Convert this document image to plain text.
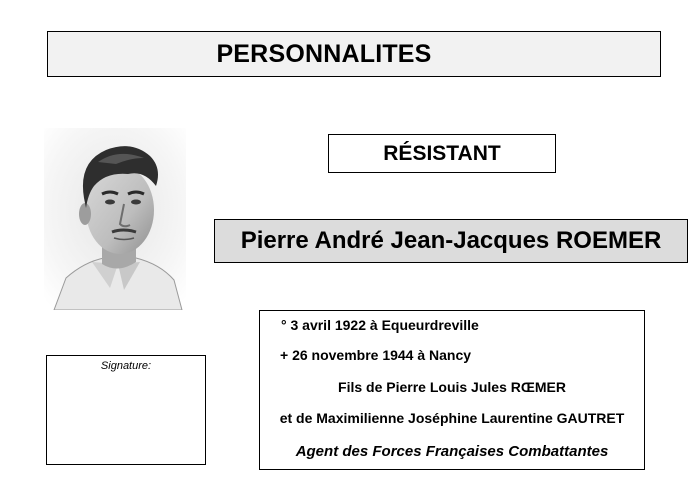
PERSONNALITES
RÉSISTANT
Pierre André Jean-Jacques ROEMER
Signature:
° 3 avril 1922 à Equeurdreville
+ 26 novembre 1944 à Nancy
Fils de Pierre Louis Jules RŒMER
et de Maximilienne Joséphine Laurentine GAUTRET
Agent des Forces Françaises Combattantes
